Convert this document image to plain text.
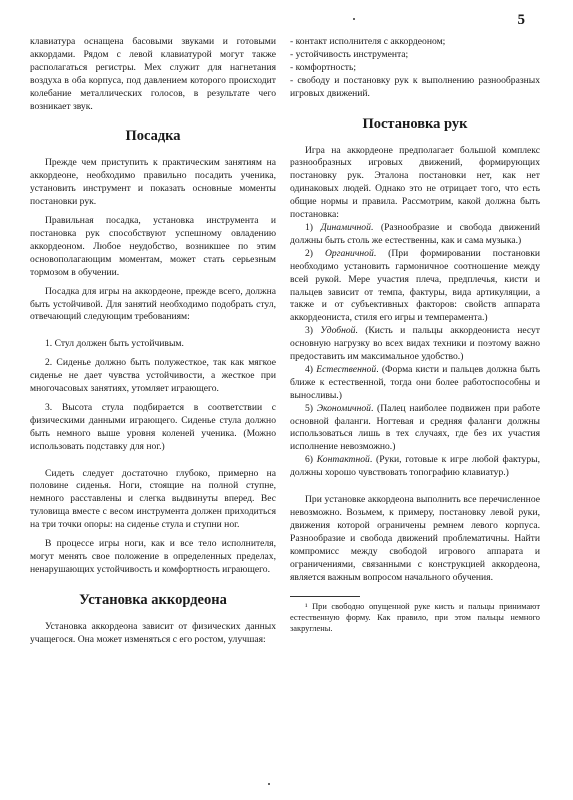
5

клавиатура оснащена басовыми звуками и готовыми аккордами. Рядом с левой клавиатурой могут также располагаться регистры. Мех служит для нагнетания воздуха в оба корпуса, под давлением которого происходит колебание металлических голосов, в результате чего возникает звук.

Посадка

Прежде чем приступить к практическим занятиям на аккордеоне, необходимо правильно посадить ученика, установить инструмент и показать основные моменты постановки рук.

Правильная посадка, установка инструмента и постановка рук способствуют успешному овладению аккордеоном. Любое неудобство, возникшее по этим основополагающим моментам, может стать серьезным тормозом в обучении.

Посадка для игры на аккордеоне, прежде всего, должна быть устойчивой. Для занятий необходимо подобрать стул, отвечающий следующим требованиям:

1. Стул должен быть устойчивым.

2. Сиденье должно быть полужесткое, так как мягкое сиденье не дает чувства устойчивости, а жесткое при многочасовых занятиях, утомляет играющего.

3. Высота стула подбирается в соответствии с физическими данными играющего. Сиденье стула должно быть немного выше уровня коленей ученика. (Можно использовать подставку для ног.)

Сидеть следует достаточно глубоко, примерно на половине сиденья. Ноги, стоящие на полной ступне, немного расставлены и слегка выдвинуты вперед. Вес туловища вместе с весом инструмента должен приходиться на три точки опоры: на сиденье стула и ступни ног.

В процессе игры ноги, как и все тело исполнителя, могут менять свое положение в определенных пределах, ненарушающих устойчивость и комфортность играющего.

Установка аккордеона

Установка аккордеона зависит от физических данных учащегося. Она может изменяться с его ростом, улучшая:

- контакт исполнителя с аккордеоном;

- устойчивость инструмента;

- комфортность;

- свободу и постановку рук к выполнению разнообразных игровых движений.

Постановка рук

Игра на аккордеоне предполагает большой комплекс разнообразных игровых движений, формирующих постановку рук. Эталона постановки нет, как нет одинаковых людей. Однако это не отрицает того, что есть общие нормы и правила. Рассмотрим, какой должна быть постановка:

1) Динамичной. (Разнообразие и свобода движений должны быть столь же естественны, как и сама музыка.)

2) Органичной. (При формировании постановки необходимо установить гармоничное соотношение между всей рукой. Мере участия плеча, предплечья, кисти и пальцев зависит от темпа, фактуры, вида артикуляции, а также и от субъективных факторов: свойств аппарата аккордеониста, стиля его игры и темперамента.)

3) Удобной. (Кисть и пальцы аккордеониста несут основную нагрузку во всех видах техники и поэтому важно предоставить им максимальное удобство.)

4) Естественной. (Форма кисти и пальцев должна быть ближе к естественной, тогда они более работоспособны и выносливы.)

5) Экономичной. (Палец наиболее подвижен при работе основной фаланги. Ногтевая и средняя фаланги должны использоваться лишь в тех случаях, где без их участия исполнение невозможно.)

6) Контактной. (Руки, готовые к игре любой фактуры, должны хорошо чувствовать топографию клавиатур.)

При установке аккордеона выполнить все перечисленное невозможно. Возьмем, к примеру, постановку левой руки, движения которой ограничены ремнем левого корпуса. Разнообразие и свобода движений проблематичны. Найти компромисс между свободой игрового аппарата и ограничениями, связанными с конструкцией аккордеона, является важным вопросом начального обучения.

¹ При свободно опущенной руке кисть и пальцы принимают естественную форму. Как правило, при этом пальцы немного закруглены.
